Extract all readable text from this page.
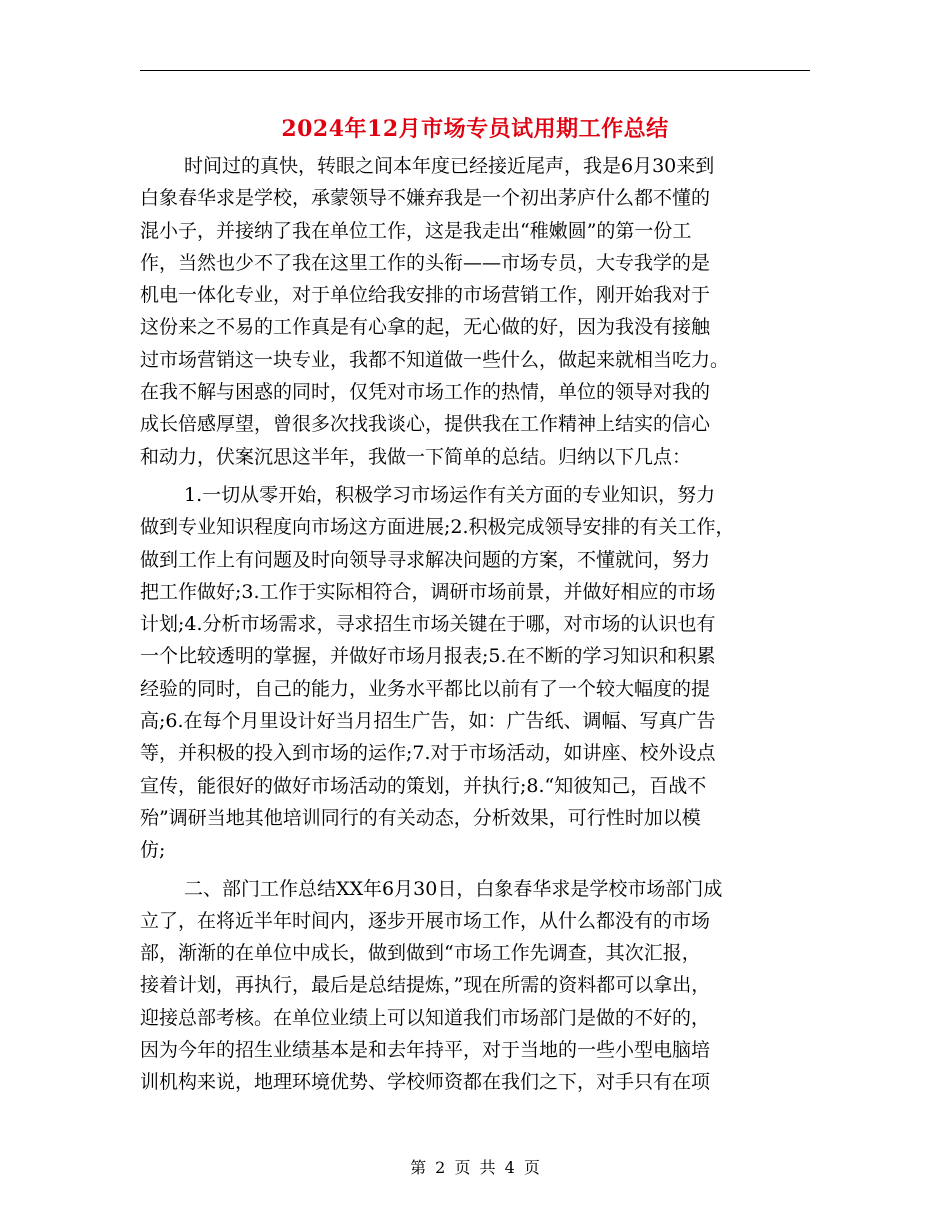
2024年12月市场专员试用期工作总结
时间过的真快，转眼之间本年度已经接近尾声，我是6月30来到
白象春华求是学校，承蒙领导不嫌弃我是一个初出茅庐什么都不懂的
混小子，并接纳了我在单位工作，这是我走出“稚嫩圆”的第一份工
作，当然也少不了我在这里工作的头衔——市场专员，大专我学的是
机电一体化专业，对于单位给我安排的市场营销工作，刚开始我对于
这份来之不易的工作真是有心拿的起，无心做的好，因为我没有接触
过市场营销这一块专业，我都不知道做一些什么，做起来就相当吃力。
在我不解与困惑的同时，仅凭对市场工作的热情，单位的领导对我的
成长倍感厚望，曾很多次找我谈心，提供我在工作精神上结实的信心
和动力，伏案沉思这半年，我做一下简单的总结。归纳以下几点：
1.一切从零开始，积极学习市场运作有关方面的专业知识，努力
做到专业知识程度向市场这方面进展;2.积极完成领导安排的有关工作，
做到工作上有问题及时向领导寻求解决问题的方案，不懂就问，努力
把工作做好;3.工作于实际相符合，调研市场前景，并做好相应的市场
计划;4.分析市场需求，寻求招生市场关键在于哪，对市场的认识也有
一个比较透明的掌握，并做好市场月报表;5.在不断的学习知识和积累
经验的同时，自己的能力，业务水平都比以前有了一个较大幅度的提
高;6.在每个月里设计好当月招生广告，如：广告纸、调幅、写真广告
等，并积极的投入到市场的运作;7.对于市场活动，如讲座、校外设点
宣传，能很好的做好市场活动的策划，并执行;8.“知彼知己，百战不
殆”调研当地其他培训同行的有关动态，分析效果，可行性时加以模
仿;
二、部门工作总结XX年6月30日，白象春华求是学校市场部门成
立了，在将近半年时间内，逐步开展市场工作，从什么都没有的市场
部，渐渐的在单位中成长，做到做到“市场工作先调查，其次汇报，
接着计划，再执行，最后是总结提炼，”现在所需的资料都可以拿出，
迎接总部考核。在单位业绩上可以知道我们市场部门是做的不好的，
因为今年的招生业绩基本是和去年持平，对于当地的一些小型电脑培
训机构来说，地理环境优势、学校师资都在我们之下，对手只有在项
第 2 页 共 4 页
